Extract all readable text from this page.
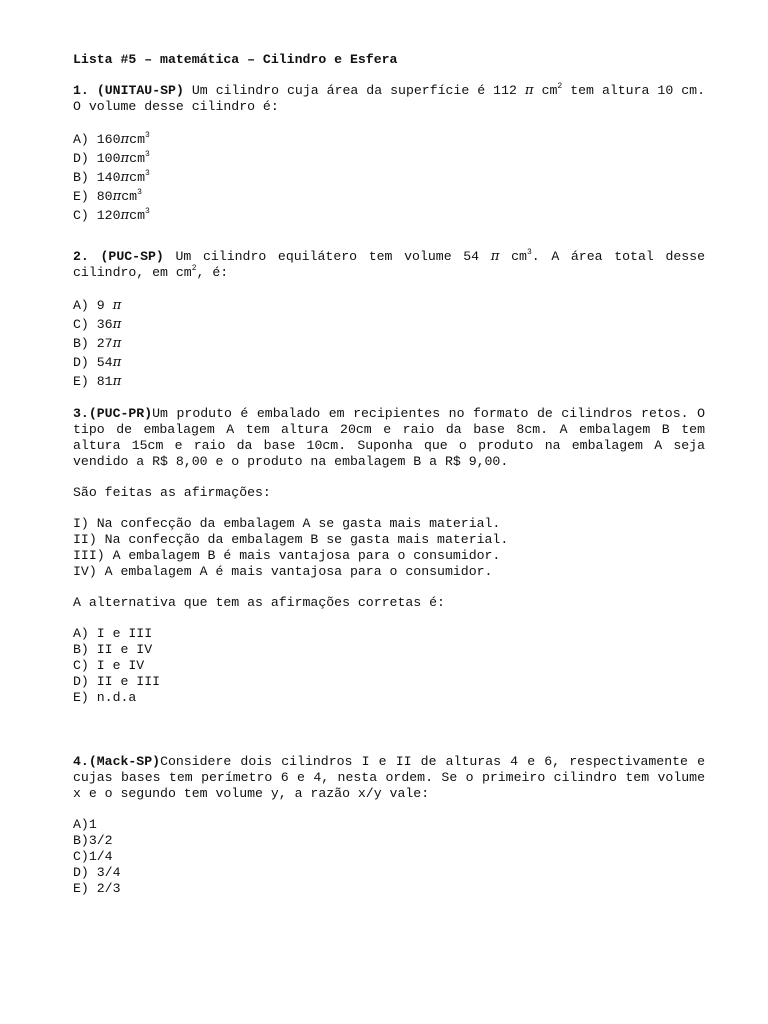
Lista #5 – matemática – Cilindro e Esfera

1. (UNITAU-SP) Um cilindro cuja área da superfície é 112 π $cm^2$ tem altura 10 cm. O volume desse cilindro é:

A) 160πcm$^3$
D) 100πcm$^3$
B) 140πcm$^3$
E) 80πcm$^3$
C) 120πcm$^3$

2. (PUC-SP) Um cilindro equilátero tem volume 54 π $cm^3$. A área total desse cilindro, em $cm^2$, é:

A) 9 π
C) 36π
B) 27π
D) 54π
E) 81π

3.(PUC-PR)Um produto é embalado em recipientes no formato de cilindros retos. O tipo de embalagem A tem altura 20cm e raio da base 8cm. A embalagem B tem altura 15cm e raio da base 10cm. Suponha que o produto na embalagem A seja vendido a R$ 8,00 e o produto na embalagem B a R$ 9,00.

São feitas as afirmações:

I) Na confecção da embalagem A se gasta mais material.
II) Na confecção da embalagem B se gasta mais material.
III) A embalagem B é mais vantajosa para o consumidor.
IV) A embalagem A é mais vantajosa para o consumidor.

A alternativa que tem as afirmações corretas é:

A) I e III
B) II e IV
C) I e IV
D) II e III
E) n.d.a

4.(Mack-SP)Considere dois cilindros I e II de alturas 4 e 6, respectivamente e cujas bases tem perímetro 6 e 4, nesta ordem. Se o primeiro cilindro tem volume x e o segundo tem volume y, a razão x/y vale:

A)1
B)3/2
C)1/4
D) 3/4
E) 2/3
